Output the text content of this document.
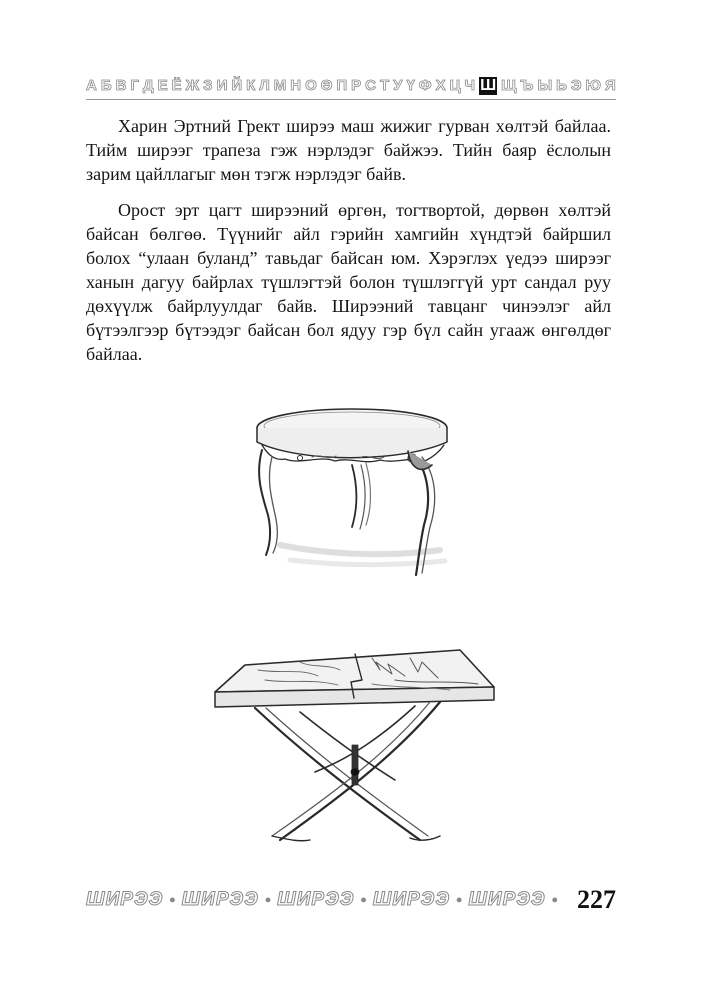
А Б В Г Д Е Ё Ж З И Й К Л М Н О Ө П Р С Т У Ү Ф Х Ц Ч Ш Щ Ъ Ы Ь Э Ю Я

Харин Эртний Грект ширээ маш жижиг гурван хөлтэй байлаа. Тийм ширээг трапеза гэж нэрлэдэг байжээ. Тийн баяр ёслолын зарим цайллагыг мөн тэгж нэрлэдэг байв.

Орост эрт цагт ширээний өргөн, тогтвортой, дөрвөн хөлтэй байсан бөлгөө. Түүнийг айл гэрийн хамгийн хүндтэй байршил болох “улаан буланд” тавьдаг байсан юм. Хэрэглэх үедээ ширээг ханын дагуу байрлах түшлэгтэй болон түшлэггүй урт сандал руу дөхүүлж байрлуулдаг байв. Ширээний тавцанг чинээлэг айл бүтээлгээр бүтээдэг байсан бол ядуу гэр бүл сайн угааж өнгөлдөг байлаа.

ШИРЭЭ • ШИРЭЭ • ШИРЭЭ • ШИРЭЭ • ШИРЭЭ • 227
